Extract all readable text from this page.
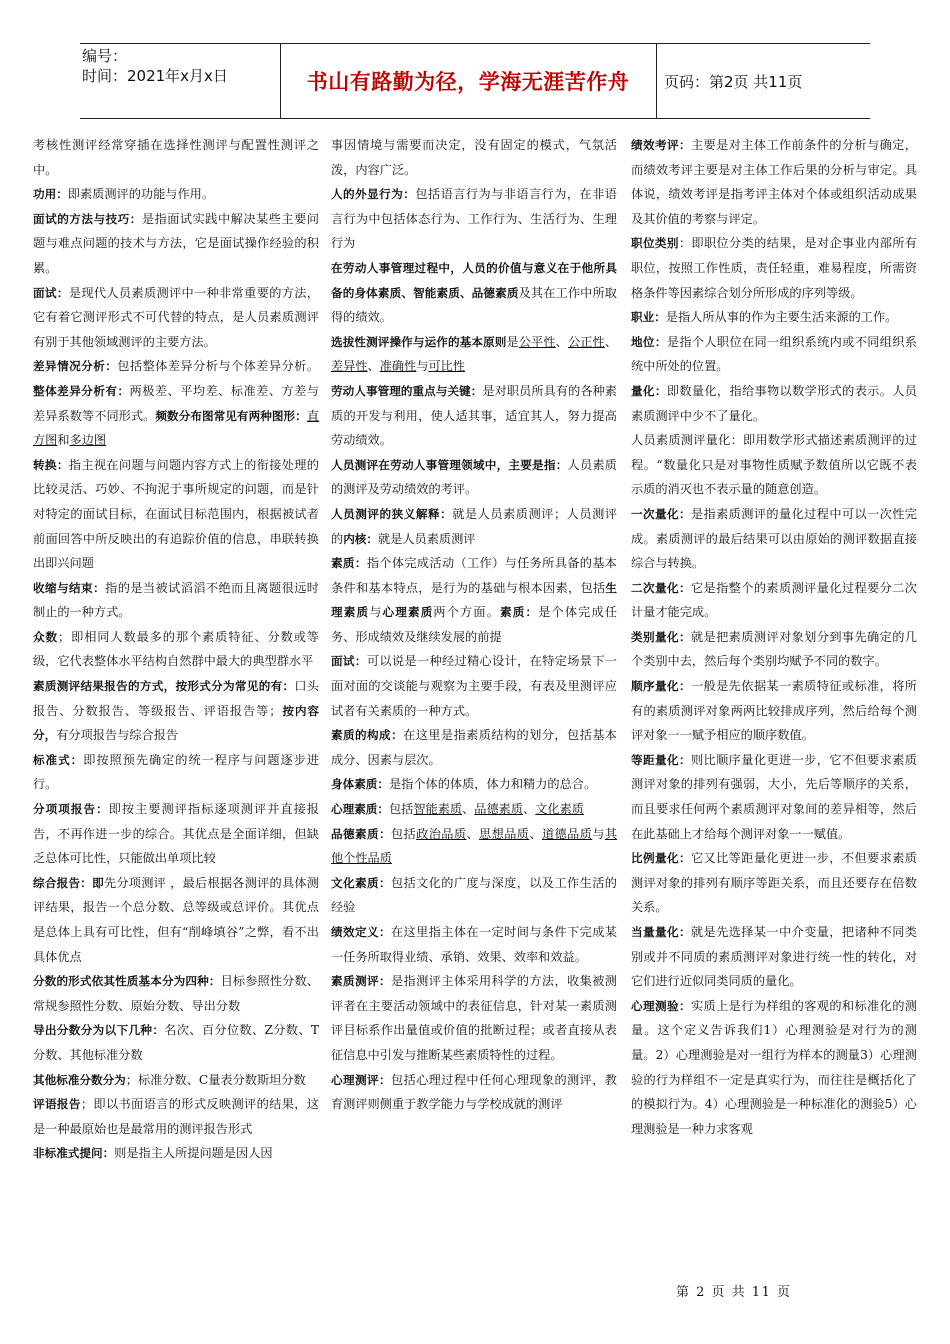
编号：
时间：2021年x月x日	书山有路勤为径，学海无涯苦作舟	页码：第2页 共11页

考核性测评经常穿插在选择性测评与配置性测评之中。

功用：即素质测评的功能与作用。

面试的方法与技巧：是指面试实践中解决某些主要问题与难点问题的技术与方法，它是面试操作经验的积累。

面试：是现代人员素质测评中一种非常重要的方法，它有着它测评形式不可代替的特点，是人员素质测评有别于其他领域测评的主要方法。

差异情况分析：包括整体差异分析与个体差异分析。整体差异分析有：两极差、平均差、标准差、方差与差异系数等不同形式。频数分布图常见有两种图形：直方图和多边图

转换：指主视在问题与问题内容方式上的衔接处理的比较灵活、巧妙、不拘泥于事所规定的问题，而是针对特定的面试目标，在面试目标范围内，根据被试者前面回答中所反映出的有追踪价值的信息，串联转换出即兴问题

收缩与结束：指的是当被试滔滔不绝而且离题很远时制止的一种方式。

众数；即相同人数最多的那个素质特征、分数或等级，它代表整体水平结构自然群中最大的典型群水平

素质测评结果报告的方式，按形式分为常见的有：口头报告、分数报告、等级报告、评语报告等；按内容分，有分项报告与综合报告

标准式：即按照预先确定的统一程序与问题逐步进行。

分项项报告：即按主要测评指标逐项测评并直接报告，不再作进一步的综合。其优点是全面详细，但缺乏总体可比性，只能做出单项比较

综合报告：即先分项测评 ，最后根据各测评的具体测评结果，报告一个总分数、总等级或总评价。其优点是总体上具有可比性，但有“削峰填谷”之弊，看不出具体优点

分数的形式依其性质基本分为四种：目标参照性分数、常规参照性分数、原始分数、导出分数

导出分数分为以下几种：名次、百分位数、Z分数、T分数、其他标准分数

其他标准分数分为；标准分数、C量表分数斯坦分数

评语报告；即以书面语言的形式反映测评的结果，这是一种最原始也是最常用的测评报告形式

非标准式提问：则是指主人所提问题是因人因

事因情境与需要而决定，没有固定的模式，气氛活泼，内容广泛。

人的外显行为：包括语言行为与非语言行为，在非语言行为中包括体态行为、工作行为、生活行为、生理行为

在劳动人事管理过程中，人员的价值与意义在于他所具备的身体素质、智能素质、品德素质及其在工作中所取得的绩效。

选拔性测评操作与运作的基本原则是公平性、公正性、差异性、准确性与可比性

劳动人事管理的重点与关键：是对职员所具有的各种素质的开发与利用，使人适其事，适宜其人，努力提高劳动绩效。

人员测评在劳动人事管理领域中，主要是指：人员素质的测评及劳动绩效的考评。

人员测评的狭义解释：就是人员素质测评；人员测评的内核：就是人员素质测评

素质：指个体完成活动（工作）与任务所具备的基本条件和基本特点，是行为的基础与根本因素，包括生理素质与心理素质两个方面。素质：是个体完成任务、形成绩效及继续发展的前提

面试：可以说是一种经过精心设计，在特定场景下一面对面的交谈能与观察为主要手段，有表及里测评应试者有关素质的一种方式。

素质的构成：在这里是指素质结构的划分，包括基本成分、因素与层次。

身体素质：是指个体的体质，体力和精力的总合。

心理素质：包括智能素质、品德素质、文化素质

品德素质：包括政治品质、思想品质、道德品质与其他个性品质

文化素质：包括文化的广度与深度，以及工作生活的经验

绩效定义：在这里指主体在一定时间与条件下完成某一任务所取得业绩、承销、效果、效率和效益。

素质测评：是指测评主体采用科学的方法，收集被测评者在主要活动领域中的表征信息，针对某一素质测评目标系作出量值或价值的批断过程；或者直接从表征信息中引发与推断某些素质特性的过程。

心理测评：包括心理过程中任何心理现象的测评，教育测评则侧重于教学能力与学校成就的测评

绩效考评：主要是对主体工作前条件的分析与确定，而绩效考评主要是对主体工作后果的分析与审定。具体说，绩效考评是指考评主体对个体或组织活动成果及其价值的考察与评定。

职位类别：即职位分类的结果，是对企事业内部所有职位，按照工作性质，责任轻重，难易程度，所需资格条件等因素综合划分所形成的序列等级。

职业：是指人所从事的作为主要生活来源的工作。

地位：是指个人职位在同一组织系统内或不同组织系统中所处的位置。

量化：即数量化，指给事物以数学形式的表示。人员素质测评中少不了量化。

人员素质测评量化：即用数学形式描述素质测评的过程。“数量化只是对事物性质赋予数值所以它既不表示质的消灭也不表示量的随意创造。

一次量化：是指素质测评的量化过程中可以一次性完成。素质测评的最后结果可以由原始的测评数据直接综合与转换。

二次量化：它是指整个的素质测评量化过程要分二次计量才能完成。

类别量化：就是把素质测评对象划分到事先确定的几个类别中去，然后每个类别均赋予不同的数字。

顺序量化：一般是先依据某一素质特征或标准，将所有的素质测评对象两两比较排成序列，然后给每个测评对象一一赋予相应的顺序数值。

等距量化：则比顺序量化更进一步，它不但要求素质测评对象的排列有强弱，大小，先后等顺序的关系，而且要求任何两个素质测评对象间的差异相等，然后在此基础上才给每个测评对象一一赋值。

比例量化：它又比等距量化更进一步，不但要求素质测评对象的排列有顺序等距关系，而且还要存在倍数关系。

当量量化：就是先选择某一中介变量，把诸种不同类别或并不同质的素质测评对象进行统一性的转化，对它们进行近似同类同质的量化。

心理测验：实质上是行为样组的客观的和标准化的测量。这个定义告诉我们1）心理测验是对行为的测量。2）心理测验是对一组行为样本的测量3）心理测验的行为样组不一定是真实行为，而往往是概括化了的模拟行为。4）心理测验是一种标准化的测验5）心理测验是一种力求客观

第 2 页 共 11 页
